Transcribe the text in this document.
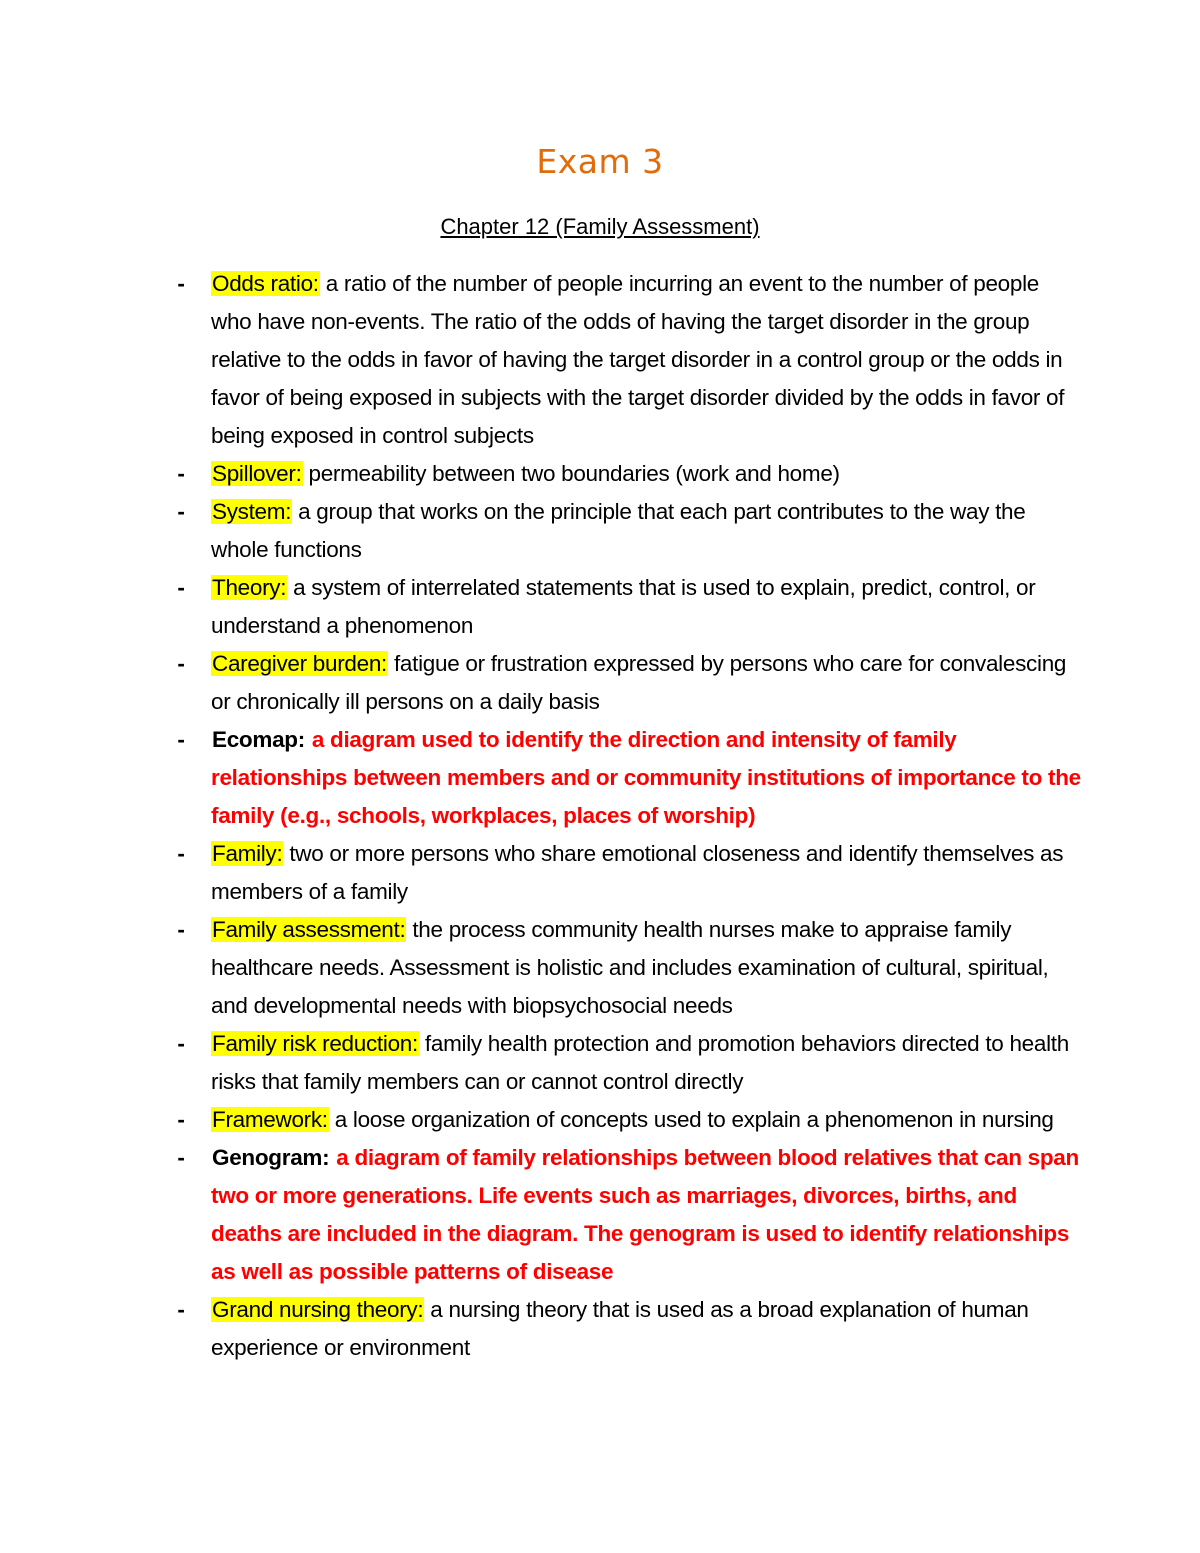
Exam 3
Chapter 12 (Family Assessment)
- Odds ratio: a ratio of the number of people incurring an event to the number of people who have non-events. The ratio of the odds of having the target disorder in the group relative to the odds in favor of having the target disorder in a control group or the odds in favor of being exposed in subjects with the target disorder divided by the odds in favor of being exposed in control subjects
- Spillover: permeability between two boundaries (work and home)
- System: a group that works on the principle that each part contributes to the way the whole functions
- Theory: a system of interrelated statements that is used to explain, predict, control, or understand a phenomenon
- Caregiver burden: fatigue or frustration expressed by persons who care for convalescing or chronically ill persons on a daily basis
- Ecomap: a diagram used to identify the direction and intensity of family relationships between members and or community institutions of importance to the family (e.g., schools, workplaces, places of worship)
- Family: two or more persons who share emotional closeness and identify themselves as members of a family
- Family assessment: the process community health nurses make to appraise family healthcare needs. Assessment is holistic and includes examination of cultural, spiritual, and developmental needs with biopsychosocial needs
- Family risk reduction: family health protection and promotion behaviors directed to health risks that family members can or cannot control directly
- Framework: a loose organization of concepts used to explain a phenomenon in nursing
- Genogram: a diagram of family relationships between blood relatives that can span two or more generations. Life events such as marriages, divorces, births, and deaths are included in the diagram. The genogram is used to identify relationships as well as possible patterns of disease
- Grand nursing theory: a nursing theory that is used as a broad explanation of human experience or environment
